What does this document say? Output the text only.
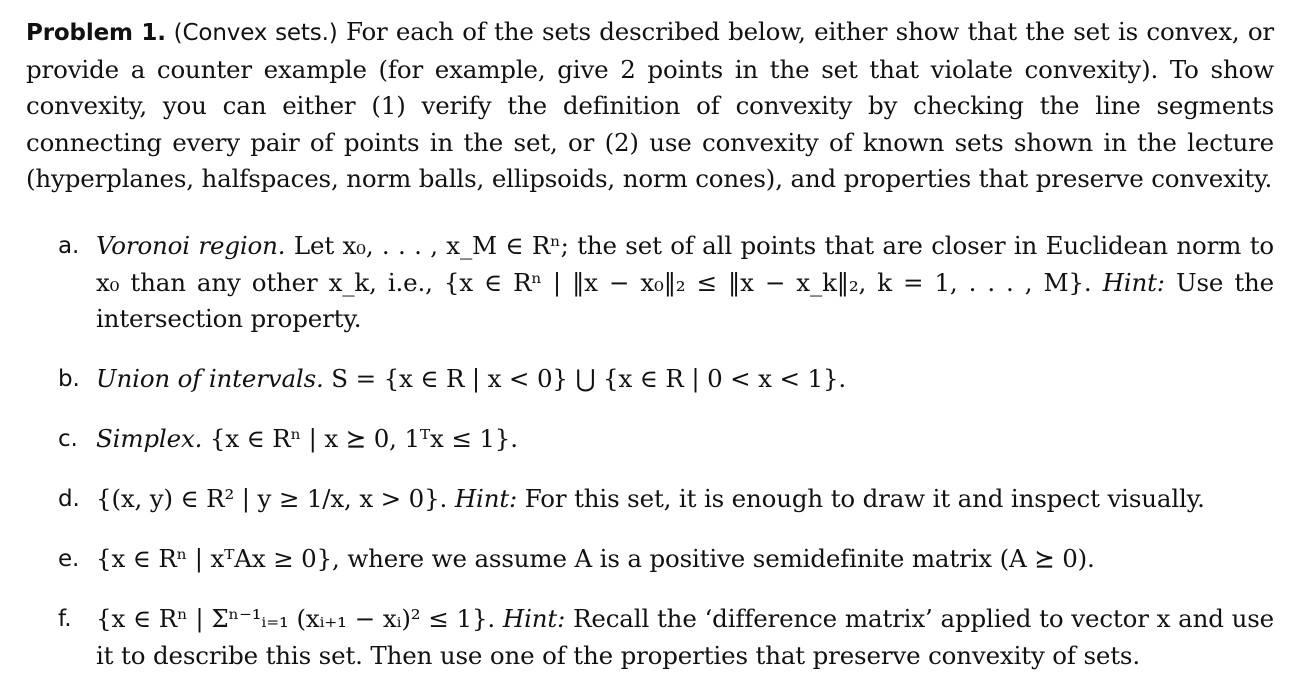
Problem 1. (Convex sets.) For each of the sets described below, either show that the set is convex, or provide a counter example (for example, give 2 points in the set that violate convexity). To show convexity, you can either (1) verify the definition of convexity by checking the line segments connecting every pair of points in the set, or (2) use convexity of known sets shown in the lecture (hyperplanes, halfspaces, norm balls, ellipsoids, norm cones), and properties that preserve convexity.
a. Voronoi region. Let x₀, . . . , x_M ∈ Rⁿ; the set of all points that are closer in Euclidean norm to x₀ than any other x_k, i.e., {x ∈ Rⁿ | ‖x − x₀‖₂ ≤ ‖x − x_k‖₂, k = 1, . . . , M}. Hint: Use the intersection property.
b. Union of intervals. S = {x ∈ R | x < 0} ⋃ {x ∈ R | 0 < x < 1}.
c. Simplex. {x ∈ Rⁿ | x ⪰ 0, 1ᵀx ≤ 1}.
d. {(x, y) ∈ R² | y ≥ 1/x, x > 0}. Hint: For this set, it is enough to draw it and inspect visually.
e. {x ∈ Rⁿ | xᵀAx ≥ 0}, where we assume A is a positive semidefinite matrix (A ⪰ 0).
f.	{x ∈ Rⁿ | Σⁿ⁻¹ᵢ₌₁ (xᵢ₊₁ − xᵢ)² ≤ 1}. Hint: Recall the ‘difference matrix’ applied to vector x and use it to describe this set. Then use one of the properties that preserve convexity of sets.
